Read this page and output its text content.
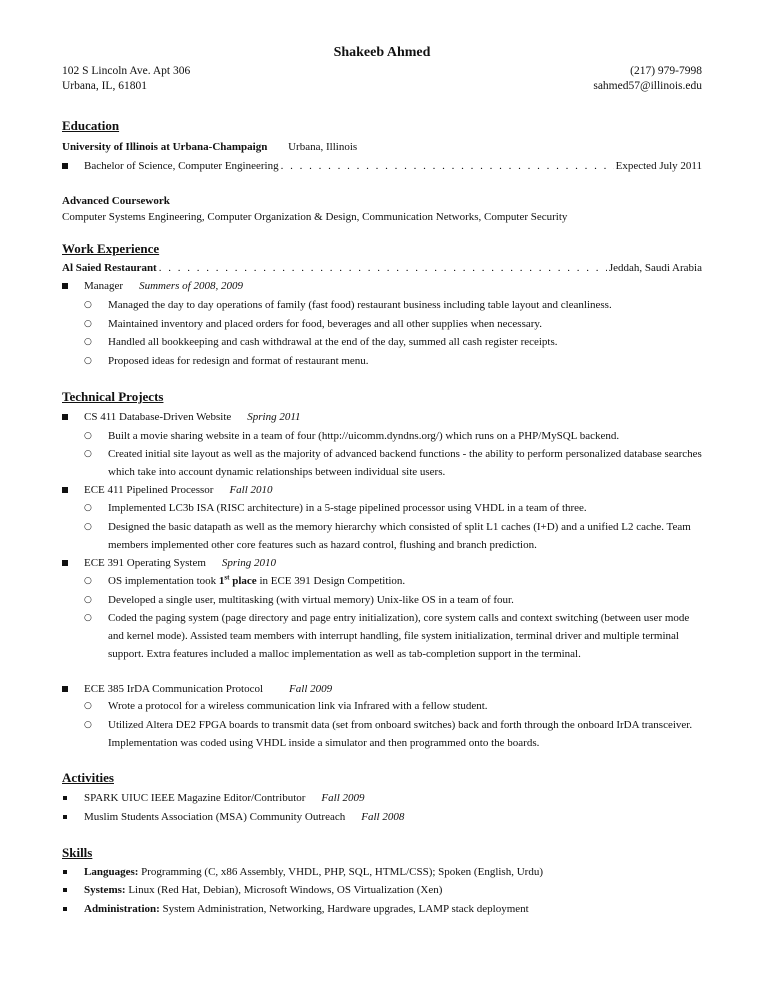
Shakeeb Ahmed
102 S Lincoln Ave. Apt 306
Urbana, IL, 61801
(217) 979-7998
sahmed57@illinois.edu
Education
University of Illinois at Urbana-Champaign Urbana, Illinois
Bachelor of Science, Computer Engineering . . .	Expected July 2011
Advanced Coursework
Computer Systems Engineering, Computer Organization & Design, Communication Networks, Computer Security
Work Experience
Al Saied Restaurant . . .	Jeddah, Saudi Arabia
Manager Summers of 2008, 2009
○ Managed the day to day operations of family (fast food) restaurant business including table layout and cleanliness.
○ Maintained inventory and placed orders for food, beverages and all other supplies when necessary.
○ Handled all bookkeeping and cash withdrawal at the end of the day, summed all cash register receipts.
○ Proposed ideas for redesign and format of restaurant menu.
Technical Projects
CS 411 Database-Driven Website Spring 2011
○ Built a movie sharing website in a team of four (http://uicomm.dyndns.org/) which runs on a PHP/MySQL backend.
○ Created initial site layout as well as the majority of advanced backend functions - the ability to perform personalized database searches which take into account dynamic relationships between individual site users.
ECE 411 Pipelined Processor Fall 2010
○ Implemented LC3b ISA (RISC architecture) in a 5-stage pipelined processor using VHDL in a team of three.
○ Designed the basic datapath as well as the memory hierarchy which consisted of split L1 caches (I+D) and a unified L2 cache. Team members implemented other core features such as hazard control, flushing and branch prediction.
ECE 391 Operating System Spring 2010
○ OS implementation took 1st place in ECE 391 Design Competition.
○ Developed a single user, multitasking (with virtual memory) Unix-like OS in a team of four.
○ Coded the paging system (page directory and page entry initialization), core system calls and context switching (between user mode and kernel mode). Assisted team members with interrupt handling, file system initialization, terminal driver and multiple terminal support. Extra features included a malloc implementation as well as tab-completion support in the terminal.
ECE 385 IrDA Communication Protocol Fall 2009
○ Wrote a protocol for a wireless communication link via Infrared with a fellow student.
○ Utilized Altera DE2 FPGA boards to transmit data (set from onboard switches) back and forth through the onboard IrDA transceiver. Implementation was coded using VHDL inside a simulator and then programmed onto the boards.
Activities
SPARK UIUC IEEE Magazine Editor/Contributor Fall 2009
Muslim Students Association (MSA) Community Outreach Fall 2008
Skills
Languages: Programming (C, x86 Assembly, VHDL, PHP, SQL, HTML/CSS); Spoken (English, Urdu)
Systems: Linux (Red Hat, Debian), Microsoft Windows, OS Virtualization (Xen)
Administration: System Administration, Networking, Hardware upgrades, LAMP stack deployment
